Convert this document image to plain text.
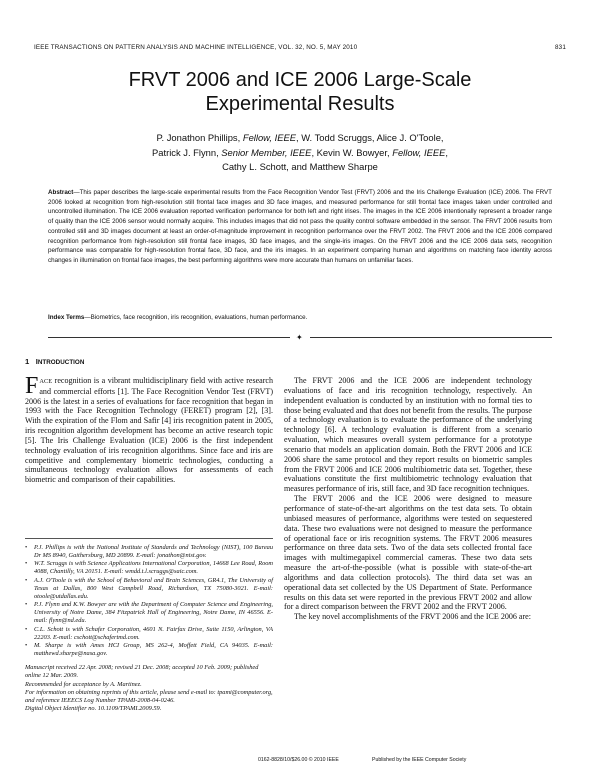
IEEE TRANSACTIONS ON PATTERN ANALYSIS AND MACHINE INTELLIGENCE, VOL. 32, NO. 5, MAY 2010	831
FRVT 2006 and ICE 2006 Large-Scale
Experimental Results
P. Jonathon Phillips, Fellow, IEEE, W. Todd Scruggs, Alice J. O'Toole,
Patrick J. Flynn, Senior Member, IEEE, Kevin W. Bowyer, Fellow, IEEE,
Cathy L. Schott, and Matthew Sharpe
Abstract—This paper describes the large-scale experimental results from the Face Recognition Vendor Test (FRVT) 2006 and the Iris Challenge Evaluation (ICE) 2006. The FRVT 2006 looked at recognition from high-resolution still frontal face images and 3D face images, and measured performance for still frontal face images taken under controlled and uncontrolled illumination. The ICE 2006 evaluation reported verification performance for both left and right irises. The images in the ICE 2006 intentionally represent a broader range of quality than the ICE 2006 sensor would normally acquire. This includes images that did not pass the quality control software embedded in the sensor. The FRVT 2006 results from controlled still and 3D images document at least an order-of-magnitude improvement in recognition performance over the FRVT 2002. The FRVT 2006 and the ICE 2006 compared recognition performance from high-resolution still frontal face images, 3D face images, and the single-iris images. On the FRVT 2006 and the ICE 2006 data sets, recognition performance was comparable for high-resolution frontal face, 3D face, and the iris images. In an experiment comparing human and algorithms on matching face identity across changes in illumination on frontal face images, the best performing algorithms were more accurate than humans on unfamiliar faces.
Index Terms—Biometrics, face recognition, iris recognition, evaluations, human performance.
✦
1 INTRODUCTION

FACE recognition is a vibrant multidisciplinary field with active research and commercial efforts [1]. The Face Recognition Vendor Test (FRVT) 2006 is the latest in a series of evaluations for face recognition that began in 1993 with the Face Recognition Technology (FERET) program [2], [3]. With the expiration of the Flom and Safir [4] iris recognition patent in 2005, iris recognition algorithm development has become an active research topic [5]. The Iris Challenge Evaluation (ICE) 2006 is the first independent technology evaluation of iris recognition algorithms. Since face and iris are competitive and complementary biometric technologies, conducting a simultaneous technology evaluation allows for assessments of each biometric and comparison of their capabilities.

• P.J. Phillips is with the National Institute of Standards and Technology (NIST), 100 Bureau Dr MS 8940, Gaithersburg, MD 20899. E-mail: jonathon@nist.gov.
• W.T. Scruggs is with Science Applications International Corporation, 14668 Lee Road, Room 4088, Chantilly, VA 20151. E-mail: wmdd.t.l.scruggs@saic.com.
• A.J. O'Toole is with the School of Behavioral and Brain Sciences, GR4.1, The University of Texas at Dallas, 800 West Campbell Road, Richardson, TX 75080-3021. E-mail: otoole@utdallas.edu.
• P.J. Flynn and K.W. Bowyer are with the Department of Computer Science and Engineering, University of Notre Dame, 384 Fitzpatrick Hall of Engineering, Notre Dame, IN 46556. E-mail: flynn@nd.edu.
• C.L. Schott is with Schafer Corporation, 4601 N. Fairfax Drive, Suite 1150, Arlington, VA 22203. E-mail: cschott@schafertmd.com.
• M. Sharpe is with Ames HCI Group, MS 262-4, Moffett Field, CA 94035. E-mail: matthewd.sharpe@nasa.gov.
Manuscript received 22 Apr. 2008; revised 21 Dec. 2008; accepted 10 Feb. 2009; published online 12 Mar. 2009.
Recommended for acceptance by A. Martinez.
For information on obtaining reprints of this article, please send e-mail to: tpami@computer.org, and reference IEEECS Log Number TPAMI-2008-04-0246.
Digital Object Identifier no. 10.1109/TPAMI.2009.59.

The FRVT 2006 and the ICE 2006 are independent technology evaluations of face and iris recognition technology, respectively. An independent evaluation is conducted by an institution with no formal ties to those being evaluated and that does not benefit from the results. The purpose of a technology evaluation is to evaluate the performance of the underlying technology [6]. A technology evaluation is different from a scenario evaluation, which measures overall system performance for a prototype scenario that models an application domain. Both the FRVT 2006 and ICE 2006 share the same protocol and they report results on biometric samples from the FRVT 2006 and ICE 2006 multibiometric data set. Together, these evaluations constitute the first multibiometric technology evaluation that measures performance of iris, still face, and 3D face recognition techniques.

The FRVT 2006 and the ICE 2006 were designed to measure performance of state-of-the-art algorithms on the test data sets. To obtain unbiased measures of performance, algorithms were tested on sequestered data. These two evaluations were not designed to measure the performance of operational face or iris recognition systems. The FRVT 2006 measures performance on three data sets. Two of the data sets collected frontal face images with multimegapixel commercial cameras. These two data sets measure the art-of-the-possible (what is possible with state-of-the-art algorithms and data collection protocols). The third data set was an operational data set collected by the US Department of State. Performance results on this data set were reported in the previous FRVT 2002 and allow for a direct comparison between the FRVT 2002 and the FRVT 2006.

The key novel accomplishments of the FRVT 2006 and the ICE 2006 are:

0162-8828/10/$26.00 © 2010 IEEE	Published by the IEEE Computer Society
